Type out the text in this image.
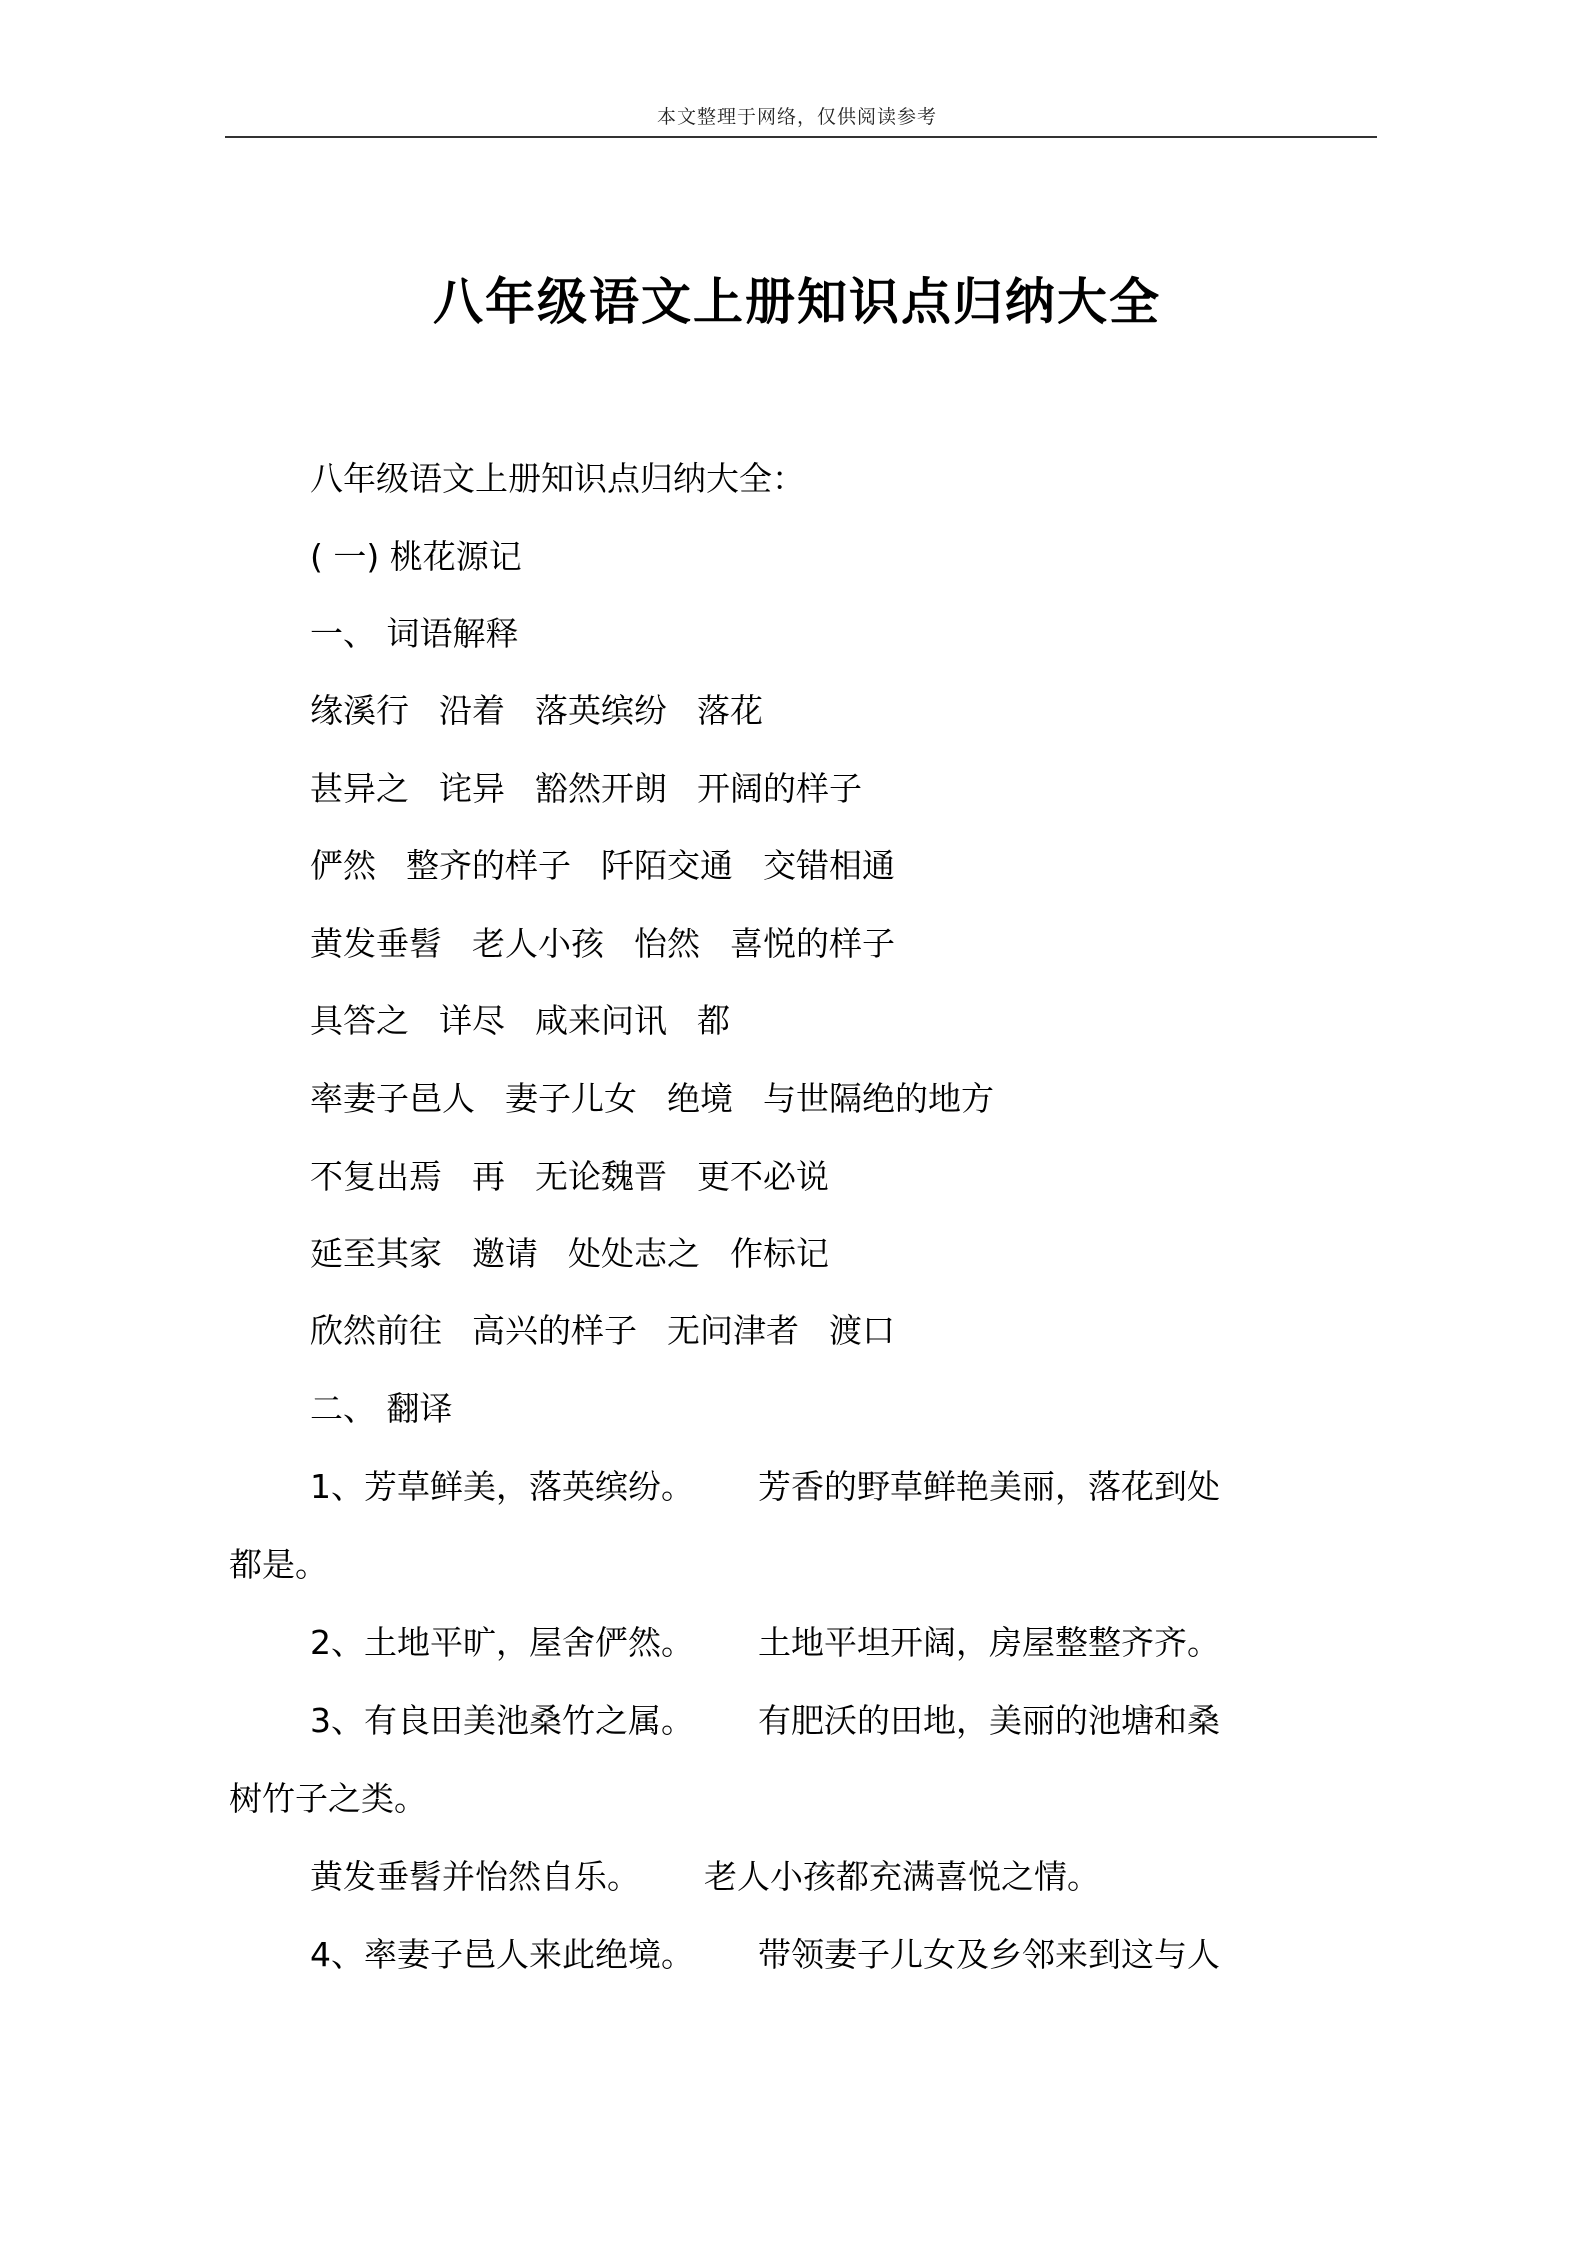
本文整理于网络，仅供阅读参考
八年级语文上册知识点归纳大全
八年级语文上册知识点归纳大全：
( 一) 桃花源记
一、 词语解释
缘溪行 沿着 落英缤纷 落花
甚异之 诧异 豁然开朗 开阔的样子
俨然 整齐的样子 阡陌交通 交错相通
黄发垂髫 老人小孩 怡然 喜悦的样子
具答之 详尽 咸来问讯 都
率妻子邑人 妻子儿女 绝境 与世隔绝的地方
不复出焉 再 无论魏晋 更不必说
延至其家 邀请 处处志之 作标记
欣然前往 高兴的样子 无问津者 渡口
二、 翻译
1、芳草鲜美，落英缤纷。 芳香的野草鲜艳美丽，落花到处
都是。
2、土地平旷，屋舍俨然。 土地平坦开阔，房屋整整齐齐。
3、有良田美池桑竹之属。 有肥沃的田地，美丽的池塘和桑
树竹子之类。
黄发垂髫并怡然自乐。 老人小孩都充满喜悦之情。
4、率妻子邑人来此绝境。 带领妻子儿女及乡邻来到这与人
